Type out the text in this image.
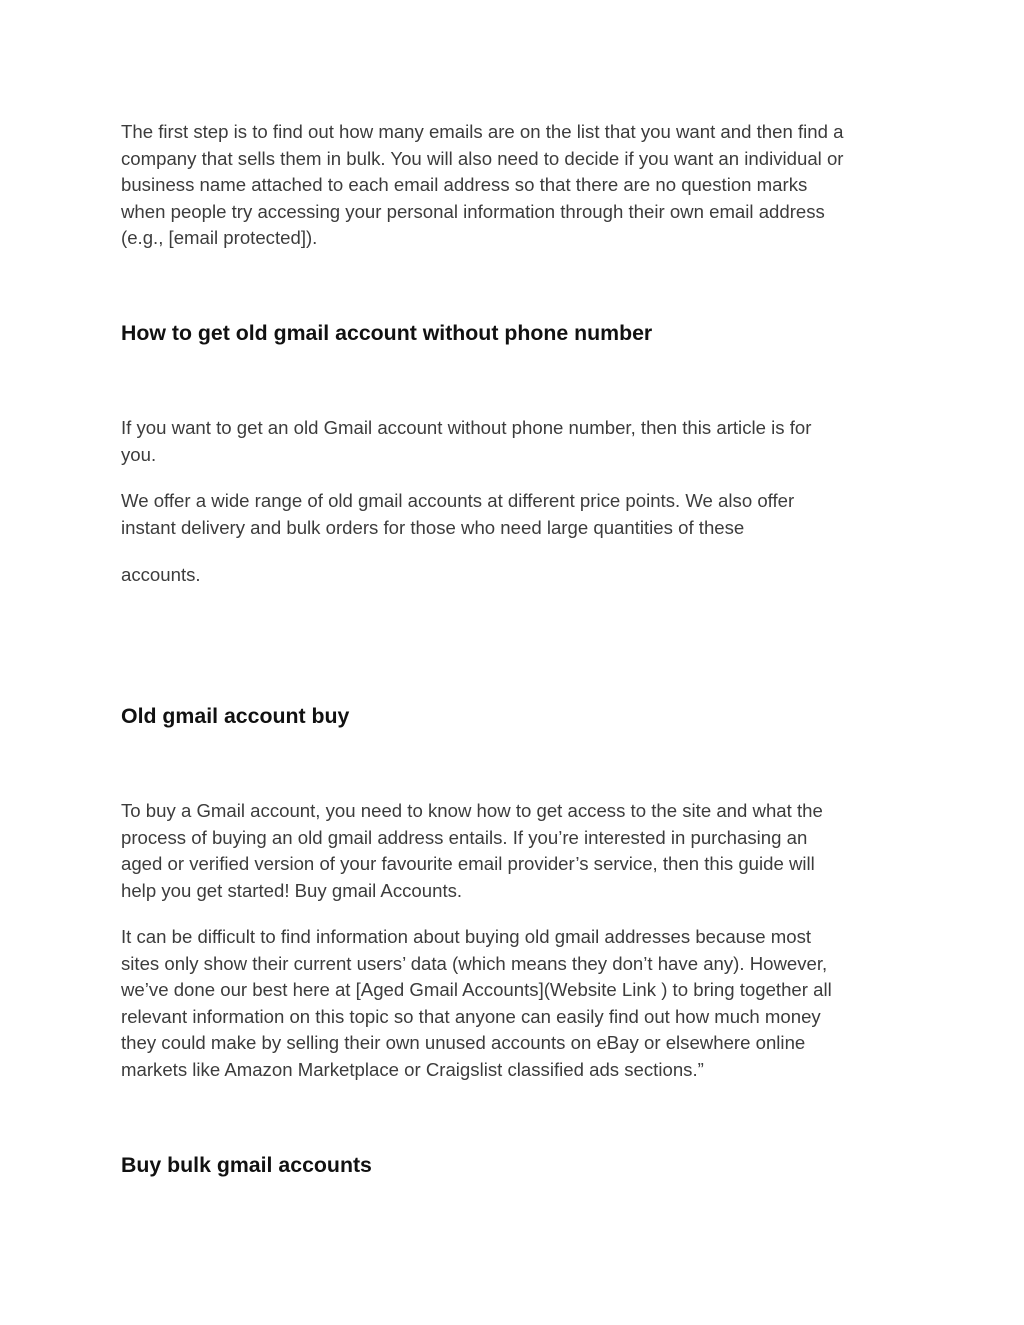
The first step is to find out how many emails are on the list that you want and then find a
company that sells them in bulk. You will also need to decide if you want an individual or
business name attached to each email address so that there are no question marks
when people try accessing your personal information through their own email address
(e.g., [email protected]).

How to get old gmail account without phone number

If you want to get an old Gmail account without phone number, then this article is for
you.

We offer a wide range of old gmail accounts at different price points. We also offer
instant delivery and bulk orders for those who need large quantities of these

accounts.

Old gmail account buy

To buy a Gmail account, you need to know how to get access to the site and what the
process of buying an old gmail address entails. If you’re interested in purchasing an
aged or verified version of your favourite email provider’s service, then this guide will
help you get started! Buy gmail Accounts.

It can be difficult to find information about buying old gmail addresses because most
sites only show their current users’ data (which means they don’t have any). However,
we’ve done our best here at [Aged Gmail Accounts](Website Link ) to bring together all
relevant information on this topic so that anyone can easily find out how much money
they could make by selling their own unused accounts on eBay or elsewhere online
markets like Amazon Marketplace or Craigslist classified ads sections.”

Buy bulk gmail accounts
